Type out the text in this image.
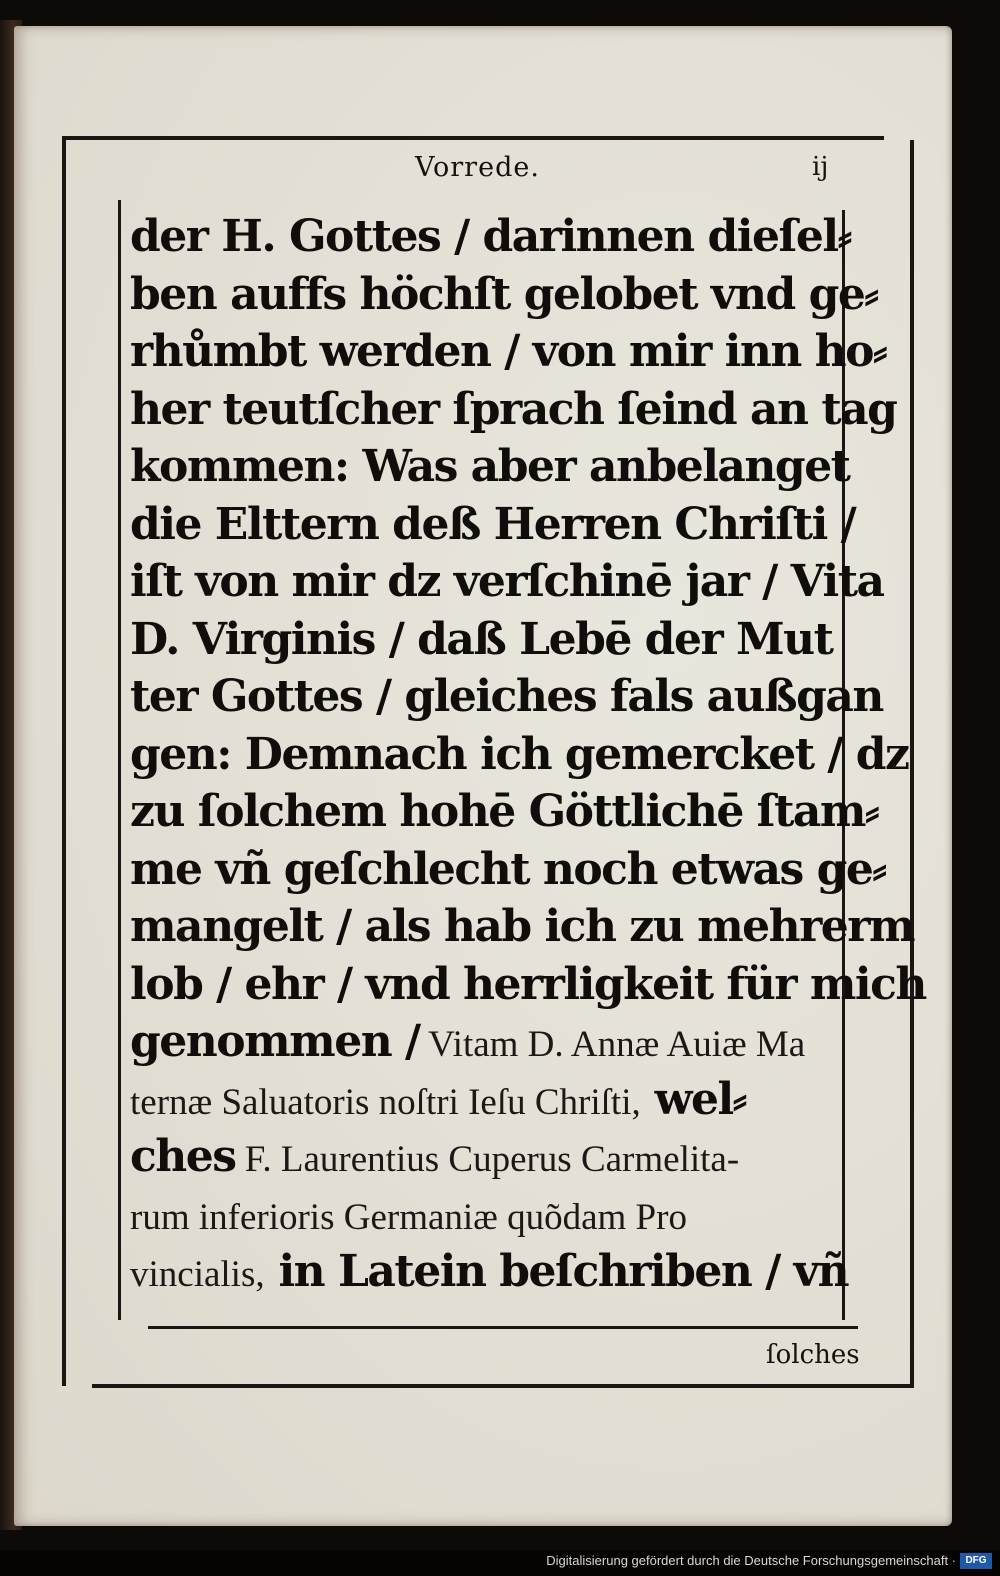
Vorrede.	ij
der H. Gottes / darinnen dieſel⸗
ben auffs höchſt gelobet vnd ge⸗
rhůmbt werden / von mir inn ho⸗
her teutſcher ſprach ſeind an tag
kommen: Was aber anbelanget
die Elttern deß Herren Chriſti /
iſt von mir dz verſchinē jar / Vita
D. Virginis / daß Lebē der Mut
ter Gottes / gleiches fals außgan
gen: Demnach ich gemercket / dz
zu ſolchem hohē Göttlichē ſtam⸗
me vñ geſchlecht noch etwas ge⸗
mangelt / als hab ich zu mehrerm
lob / ehr / vnd herrligkeit für mich
genommen / Vitam D. Annæ Auiæ Ma
ternæ Saluatoris noſtri Ieſu Chriſti, wel⸗
ches F. Laurentius Cuperus Carmelita-
rum inferioris Germaniæ quõdam Pro
vincialis, in Latein beſchriben / vñ
ſolches
Digitalisierung gefördert durch die Deutsche Forschungsgemeinschaft · DFG
